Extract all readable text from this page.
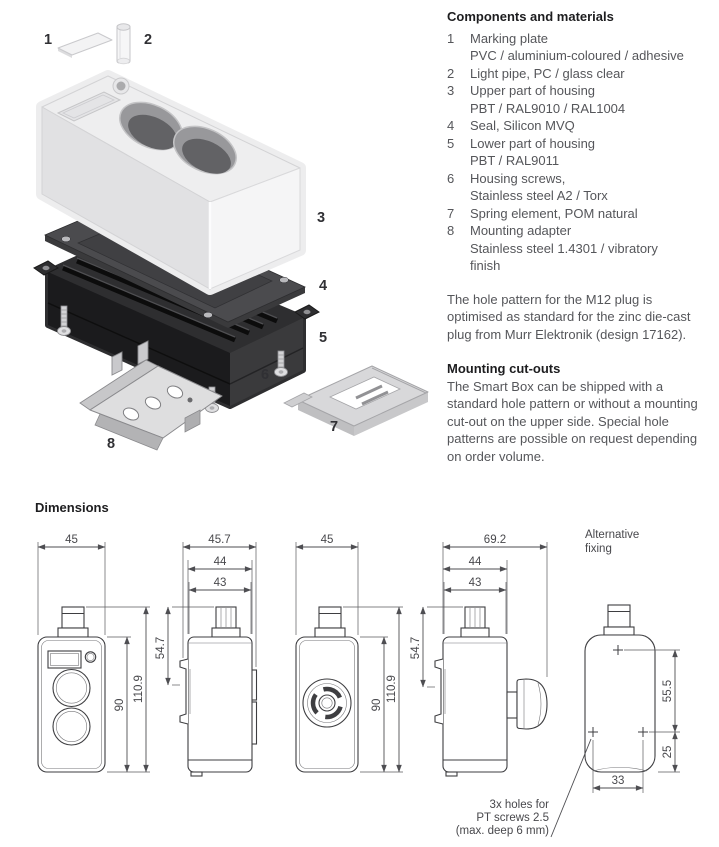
1	2
3
4
5
6
7
8
Components and materials
1	Marking plate
PVC / aluminium-coloured / adhesive
2	Light pipe, PC / glass clear
3	Upper part of housing
PBT / RAL9010 / RAL1004
4	Seal, Silicon MVQ
5	Lower part of housing
PBT / RAL9011
6	Housing screws,
Stainless steel A2 / Torx
7	Spring element, POM natural
8	Mounting adapter
Stainless steel 1.4301 / vibratory
finish

The hole pattern for the M12 plug is optimised as standard for the zinc die-cast plug from Murr Elektronik (design 17162).

Mounting cut-outs

The Smart Box can be shipped with a standard hole pattern or without a mounting cut-out on the upper side. Special hole patterns are possible on request depending on order volume.

Dimensions
45
90
110.9
45.7
44
43
54.7
45
90
110.9
69.2
44
43
54.7
Alternative
fixing
55.5
25
33
3x holes for
PT screws 2.5
(max. deep 6 mm)
